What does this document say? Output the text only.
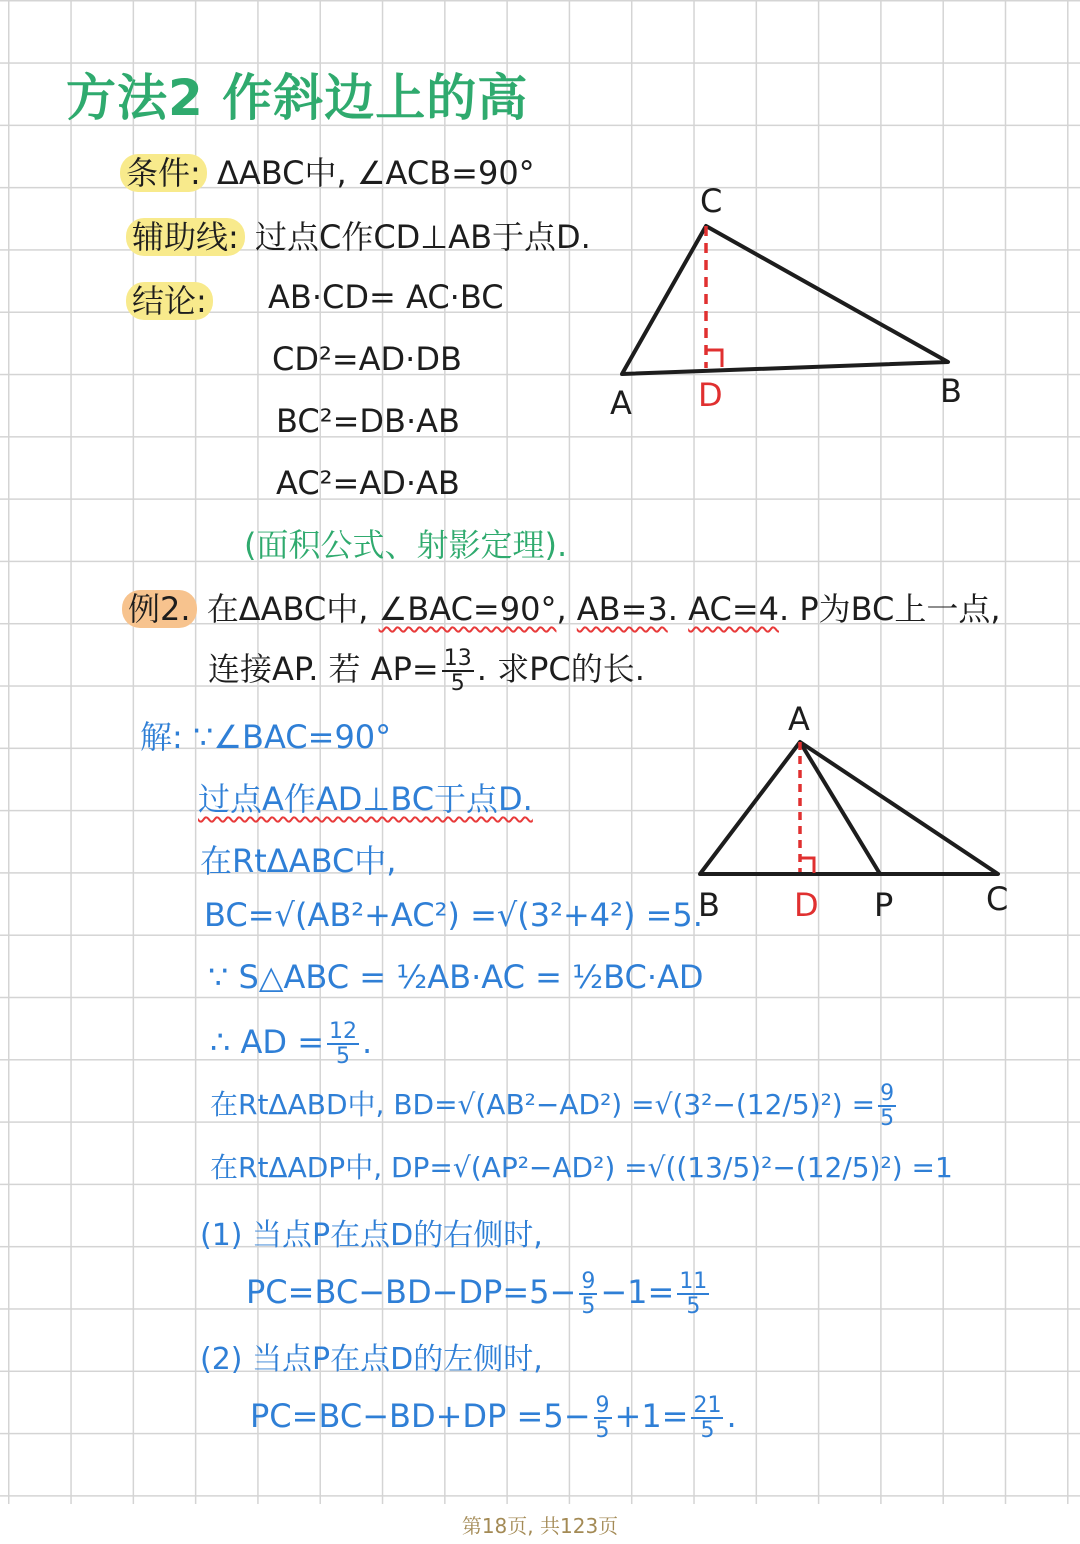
方法2 作斜边上的高
条件: ΔABC中, ∠ACB=90°
辅助线: 过点C作CD⊥AB于点D.
结论: AB·CD= AC·BC
CD²=AD·DB
BC²=DB·AB
AC²=AD·AB
(面积公式、射影定理).
C
A D	B
例2. 在ΔABC中, ∠BAC=90°, AB=3. AC=4. P为BC上一点,
连接AP. 若 $AP= \frac{13}{5}$ . 求PC的长.
A
B D P	C
解: ∵∠BAC=90°
过点A作AD⊥BC于点D.
在RtΔABC中,
BC=√(AB²+AC²) =√(3²+4²) =5.
∵ S△ABC = ½AB·AC = ½BC·AD
∴ AD = $\frac{12}{5}$ .
在RtΔABD中, $BD=√(AB^2-AD^2) =√(3^2-(12/5)^2) = \frac{9}{5}$
在RtΔADP中, DP=√(AP²−AD²) =√((13/5)²−(12/5)²) =1
(1) 当点P在点D的右侧时,
$PC=BC-BD-DP=5- \frac{9}{5} -1= \frac{11}{5}$
(2) 当点P在点D的左侧时,
$PC=BC-BD+DP =5- \frac{9}{5} +1= \frac{21}{5}$ .
第18页, 共123页
